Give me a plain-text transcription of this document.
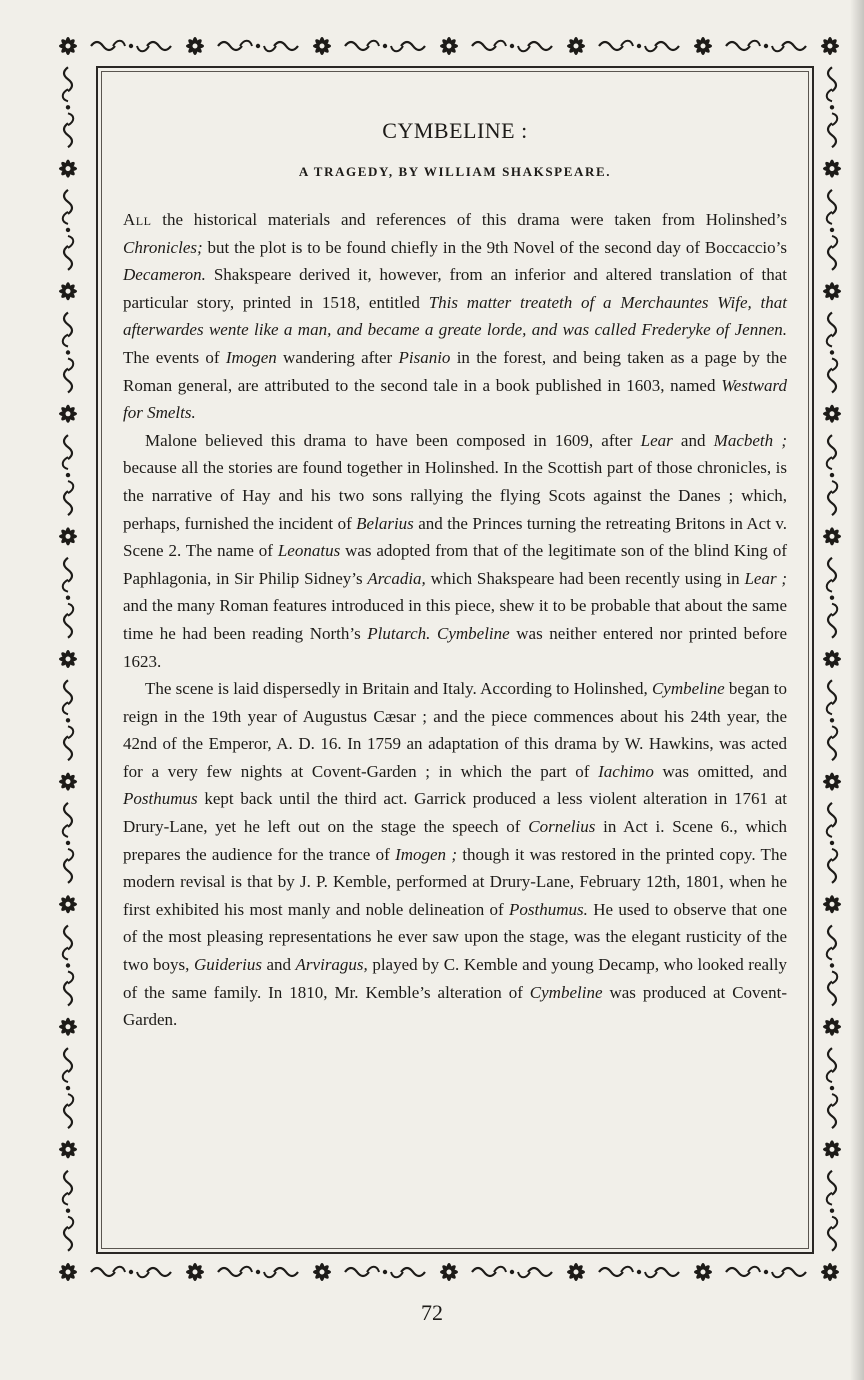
CYMBELINE :
A TRAGEDY, BY WILLIAM SHAKSPEARE.

All the historical materials and references of this drama were taken from Holinshed’s Chronicles; but the plot is to be found chiefly in the 9th Novel of the second day of Boccaccio’s Decameron. Shakspeare derived it, however, from an inferior and altered translation of that particular story, printed in 1518, entitled This matter treateth of a Merchauntes Wife, that afterwardes wente like a man, and became a greate lorde, and was called Frederyke of Jennen. The events of Imogen wandering after Pisanio in the forest, and being taken as a page by the Roman general, are attributed to the second tale in a book published in 1603, named Westward for Smelts.

Malone believed this drama to have been composed in 1609, after Lear and Macbeth ; because all the stories are found together in Holinshed. In the Scottish part of those chronicles, is the narrative of Hay and his two sons rallying the flying Scots against the Danes ; which, perhaps, furnished the incident of Belarius and the Princes turning the retreating Britons in Act v. Scene 2. The name of Leonatus was adopted from that of the legitimate son of the blind King of Paphlagonia, in Sir Philip Sidney’s Arcadia, which Shakspeare had been recently using in Lear ; and the many Roman features introduced in this piece, shew it to be probable that about the same time he had been reading North’s Plutarch. Cymbeline was neither entered nor printed before 1623.

The scene is laid dispersedly in Britain and Italy. According to Holinshed, Cymbeline began to reign in the 19th year of Augustus Cæsar ; and the piece commences about his 24th year, the 42nd of the Emperor, A. D. 16. In 1759 an adaptation of this drama by W. Hawkins, was acted for a very few nights at Covent-Garden ; in which the part of Iachimo was omitted, and Posthumus kept back until the third act. Garrick produced a less violent alteration in 1761 at Drury-Lane, yet he left out on the stage the speech of Cornelius in Act i. Scene 6., which prepares the audience for the trance of Imogen ; though it was restored in the printed copy. The modern revisal is that by J. P. Kemble, performed at Drury-Lane, February 12th, 1801, when he first exhibited his most manly and noble delineation of Posthumus. He used to observe that one of the most pleasing representations he ever saw upon the stage, was the elegant rusticity of the two boys, Guiderius and Arviragus, played by C. Kemble and young Decamp, who looked really of the same family. In 1810, Mr. Kemble’s alteration of Cymbeline was produced at Covent-Garden.

72
